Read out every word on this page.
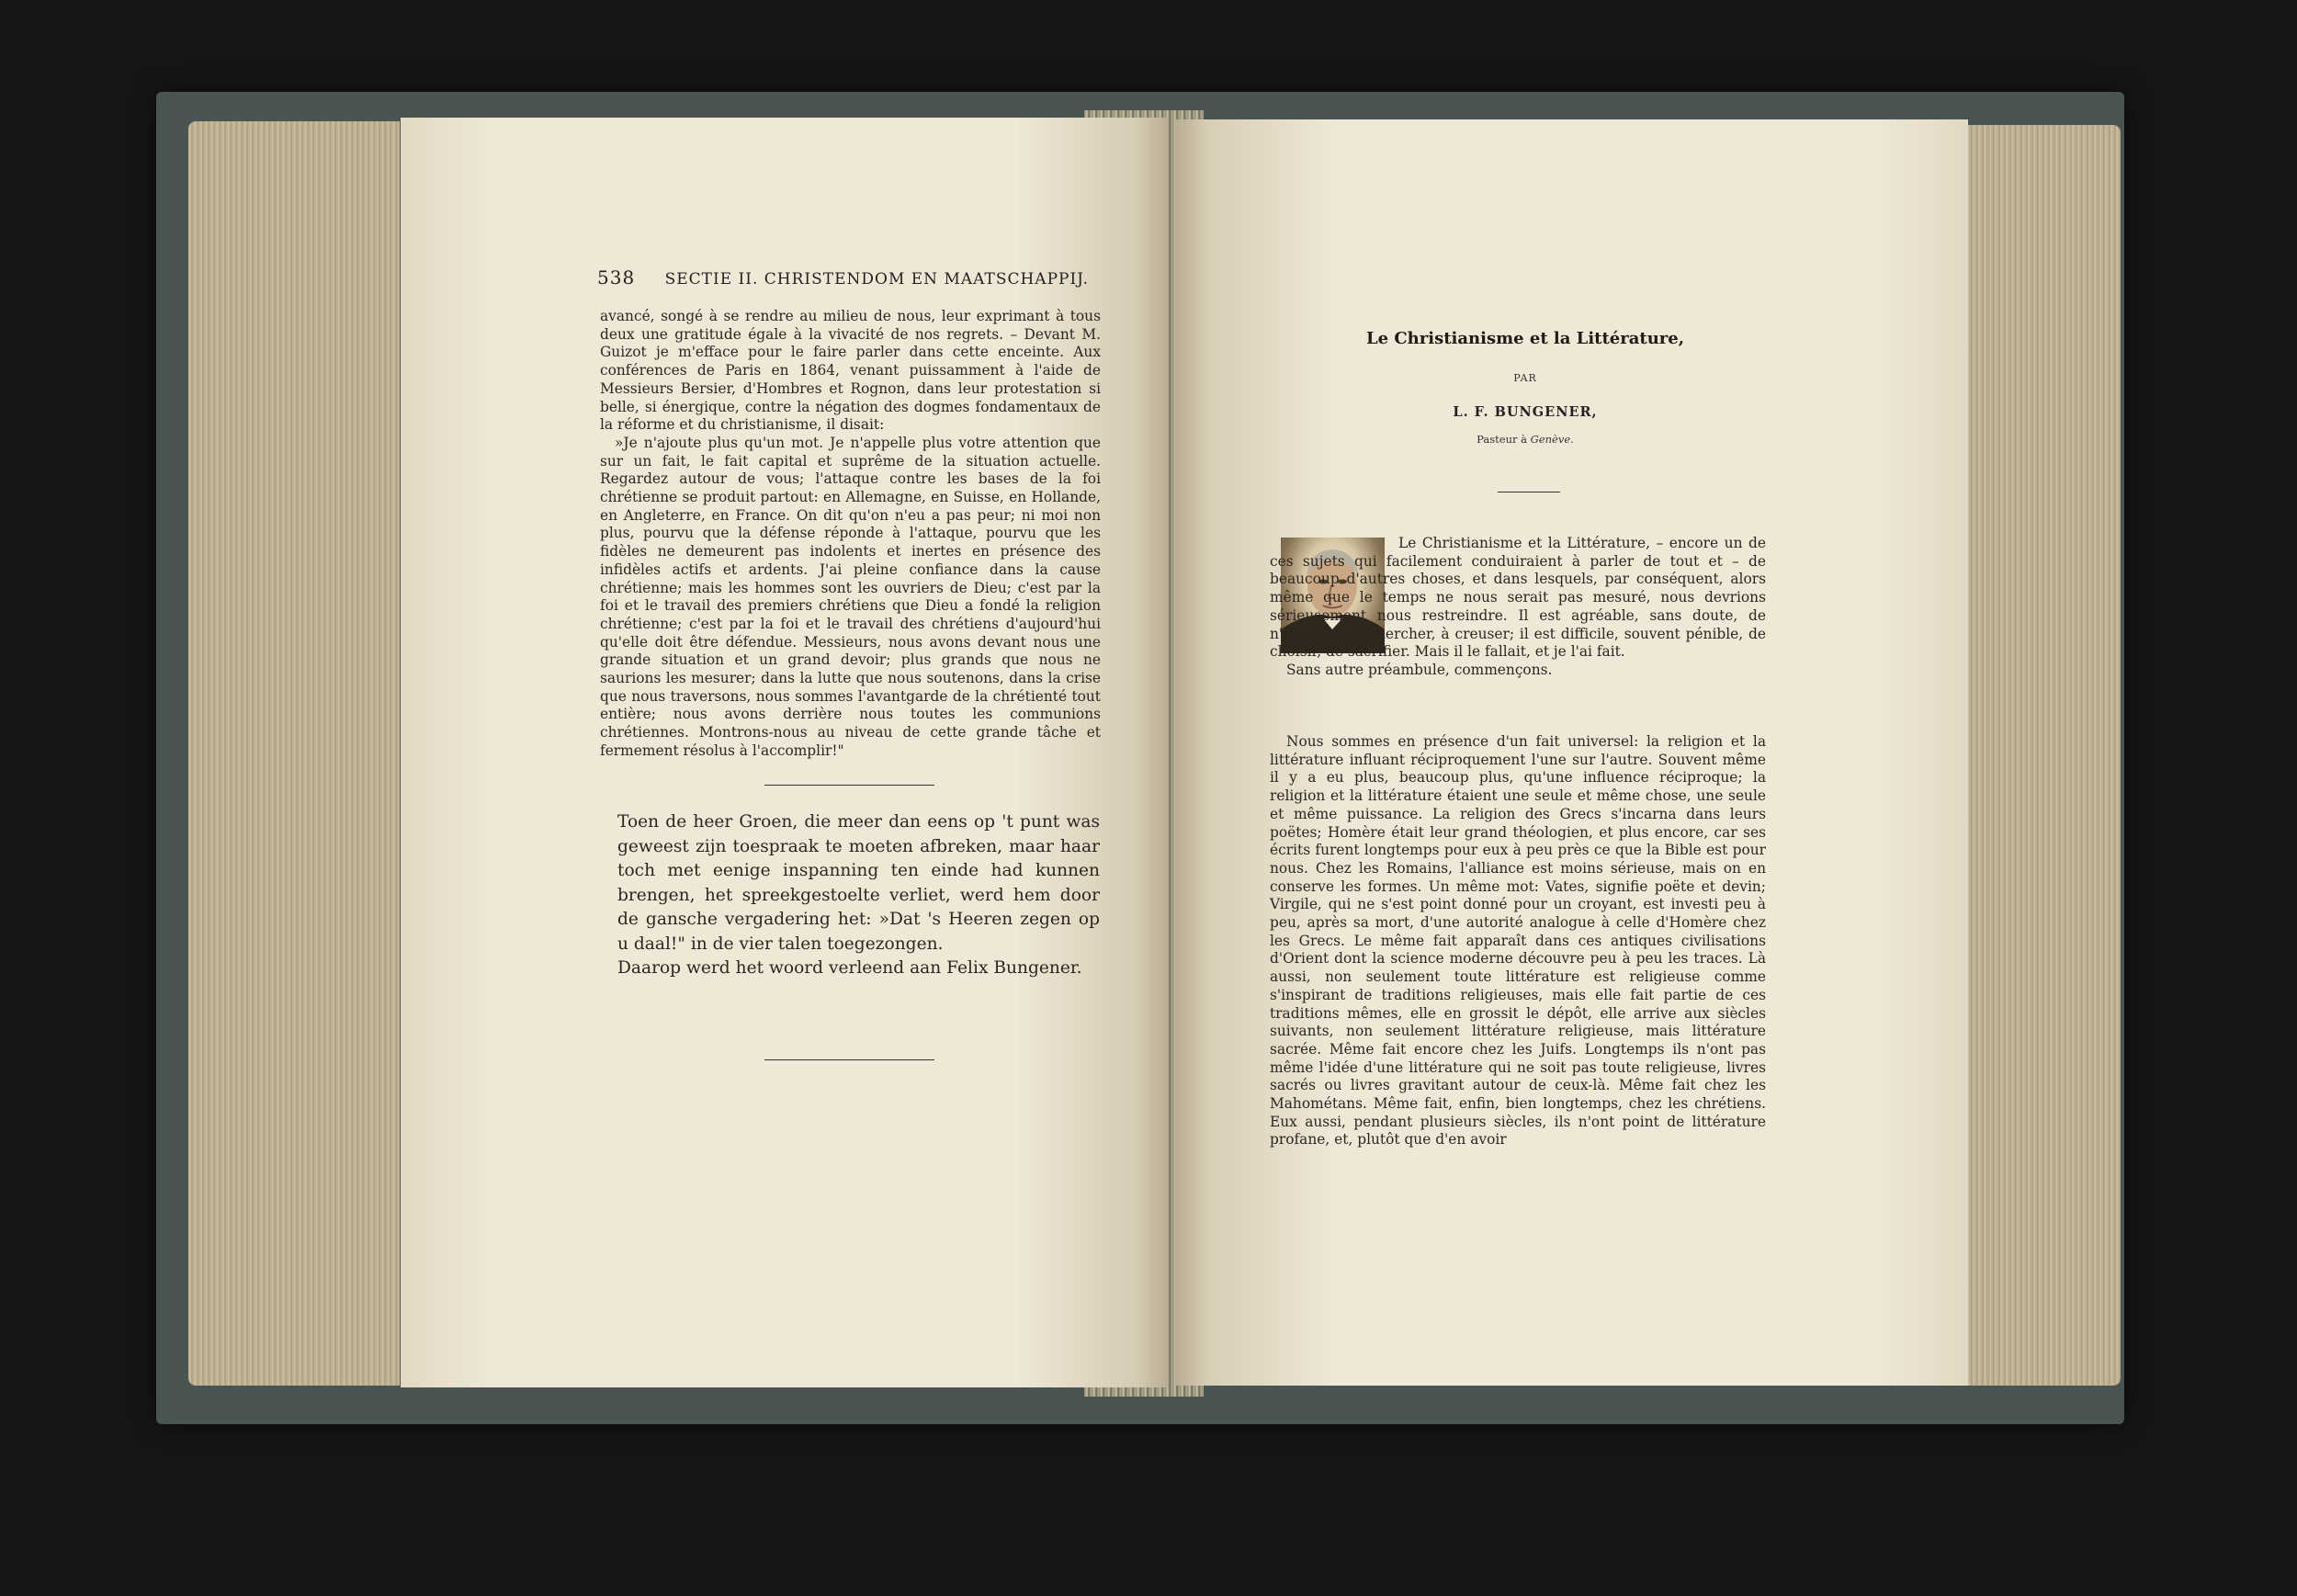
538 SECTIE II. CHRISTENDOM EN MAATSCHAPPIJ.

avancé, songé à se rendre au milieu de nous, leur exprimant à tous deux une gratitude égale à la vivacité de nos regrets. – Devant M. Guizot je m'efface pour le faire parler dans cette enceinte. Aux conférences de Paris en 1864, venant puissamment à l'aide de Messieurs Bersier, d'Hombres et Rognon, dans leur protestation si belle, si énergique, contre la négation des dogmes fondamentaux de la réforme et du christianisme, il disait:

»Je n'ajoute plus qu'un mot. Je n'appelle plus votre attention que sur un fait, le fait capital et suprême de la situation actuelle. Regardez autour de vous; l'attaque contre les bases de la foi chrétienne se produit partout: en Allemagne, en Suisse, en Hollande, en Angleterre, en France. On dit qu'on n'eu a pas peur; ni moi non plus, pourvu que la défense réponde à l'attaque, pourvu que les fidèles ne demeurent pas indolents et inertes en présence des infidèles actifs et ardents. J'ai pleine confiance dans la cause chrétienne; mais les hommes sont les ouvriers de Dieu; c'est par la foi et le travail des premiers chrétiens que Dieu a fondé la religion chrétienne; c'est par la foi et le travail des chrétiens d'aujourd'hui qu'elle doit être défendue. Messieurs, nous avons devant nous une grande situation et un grand devoir; plus grands que nous ne saurions les mesurer; dans la lutte que nous soutenons, dans la crise que nous traversons, nous sommes l'avantgarde de la chrétienté tout entière; nous avons derrière nous toutes les communions chrétiennes. Montrons-nous au niveau de cette grande tâche et fermement résolus à l'accomplir!"

Toen de heer Groen, die meer dan eens op 't punt was geweest zijn toespraak te moeten afbreken, maar haar toch met eenige inspanning ten einde had kunnen brengen, het spreekgestoelte verliet, werd hem door de gansche vergadering het: »Dat 's Heeren zegen op u daal!" in de vier talen toegezongen.

Daarop werd het woord verleend aan Felix Bungener.

Le Christianisme et la Littérature,
PAR
L. F. BUNGENER,
Pasteur à Genève.

Le Christianisme et la Littérature, – encore un de ces sujets qui facilement conduiraient à parler de tout et – de beaucoup d'autres choses, et dans lesquels, par conséquent, alors même que le temps ne nous serait pas mesuré, nous devrions sérieusement nous restreindre. Il est agréable, sans doute, de n'avoir pas à chercher, à creuser; il est difficile, souvent pénible, de choisir, de sacrifier. Mais il le fallait, et je l'ai fait.

Sans autre préambule, commençons.

Nous sommes en présence d'un fait universel: la religion et la littérature influant réciproquement l'une sur l'autre. Souvent même il y a eu plus, beaucoup plus, qu'une influence réciproque; la religion et la littérature étaient une seule et même chose, une seule et même puissance. La religion des Grecs s'incarna dans leurs poëtes; Homère était leur grand théologien, et plus encore, car ses écrits furent longtemps pour eux à peu près ce que la Bible est pour nous. Chez les Romains, l'alliance est moins sérieuse, mais on en conserve les formes. Un même mot: Vates, signifie poëte et devin; Virgile, qui ne s'est point donné pour un croyant, est investi peu à peu, après sa mort, d'une autorité analogue à celle d'Homère chez les Grecs. Le même fait apparaît dans ces antiques civilisations d'Orient dont la science moderne découvre peu à peu les traces. Là aussi, non seulement toute littérature est religieuse comme s'inspirant de traditions religieuses, mais elle fait partie de ces traditions mêmes, elle en grossit le dépôt, elle arrive aux siècles suivants, non seulement littérature religieuse, mais littérature sacrée. Même fait encore chez les Juifs. Longtemps ils n'ont pas même l'idée d'une littérature qui ne soit pas toute religieuse, livres sacrés ou livres gravitant autour de ceux-là. Même fait chez les Mahométans. Même fait, enfin, bien longtemps, chez les chrétiens. Eux aussi, pendant plusieurs siècles, ils n'ont point de littérature profane, et, plutôt que d'en avoir
